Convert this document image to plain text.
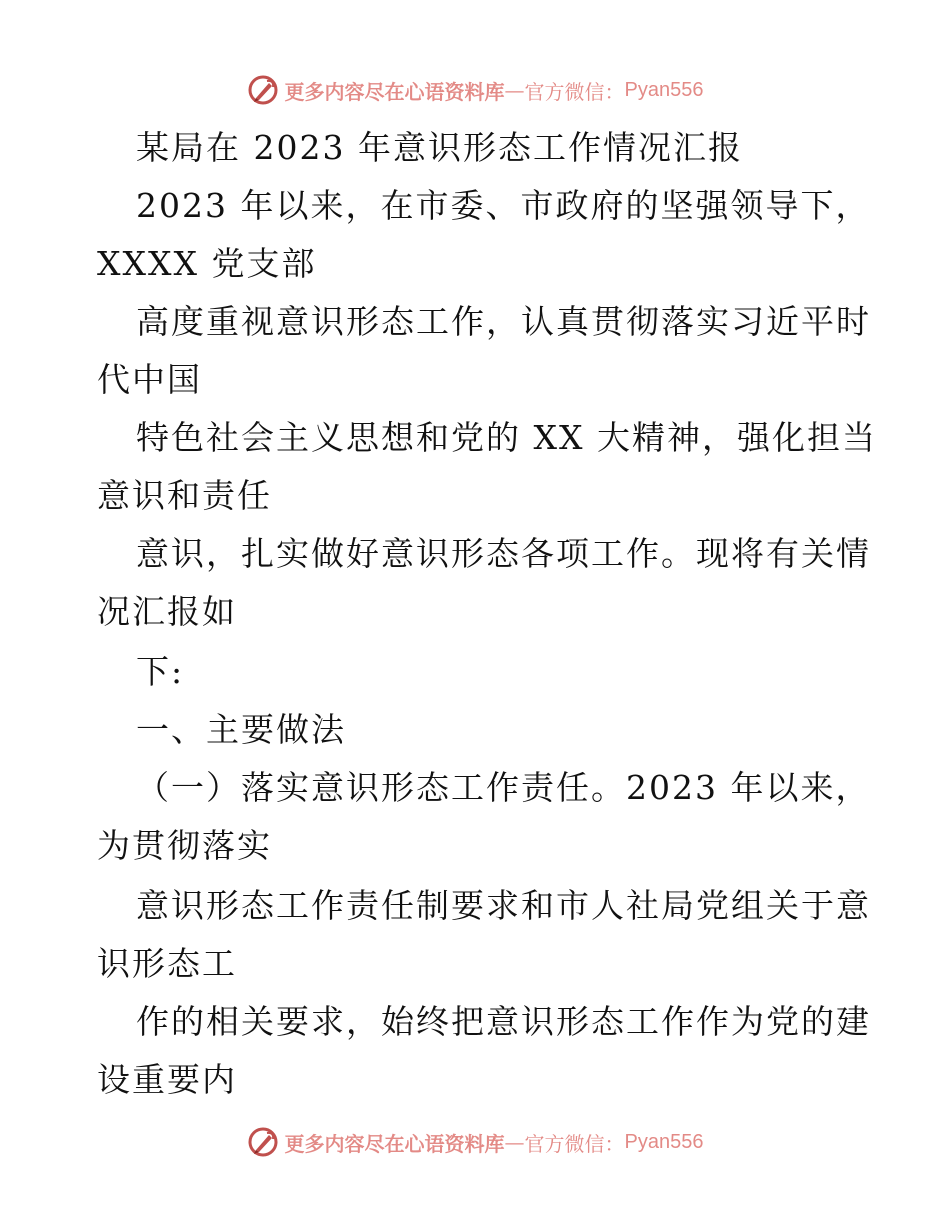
更多内容尽在心语资料库 — 官方微信： Pyan556
某局在 2023 年意识形态工作情况汇报
2023 年以来，在市委、市政府的坚强领导下，
XXXX 党支部
高度重视意识形态工作，认真贯彻落实习近平时
代中国
特色社会主义思想和党的 XX 大精神，强化担当
意识和责任
意识，扎实做好意识形态各项工作。现将有关情
况汇报如
下:
一、主要做法
（一）落实意识形态工作责任。2023 年以来，
为贯彻落实
意识形态工作责任制要求和市人社局党组关于意
识形态工
作的相关要求，始终把意识形态工作作为党的建
设重要内
更多内容尽在心语资料库 — 官方微信： Pyan556
